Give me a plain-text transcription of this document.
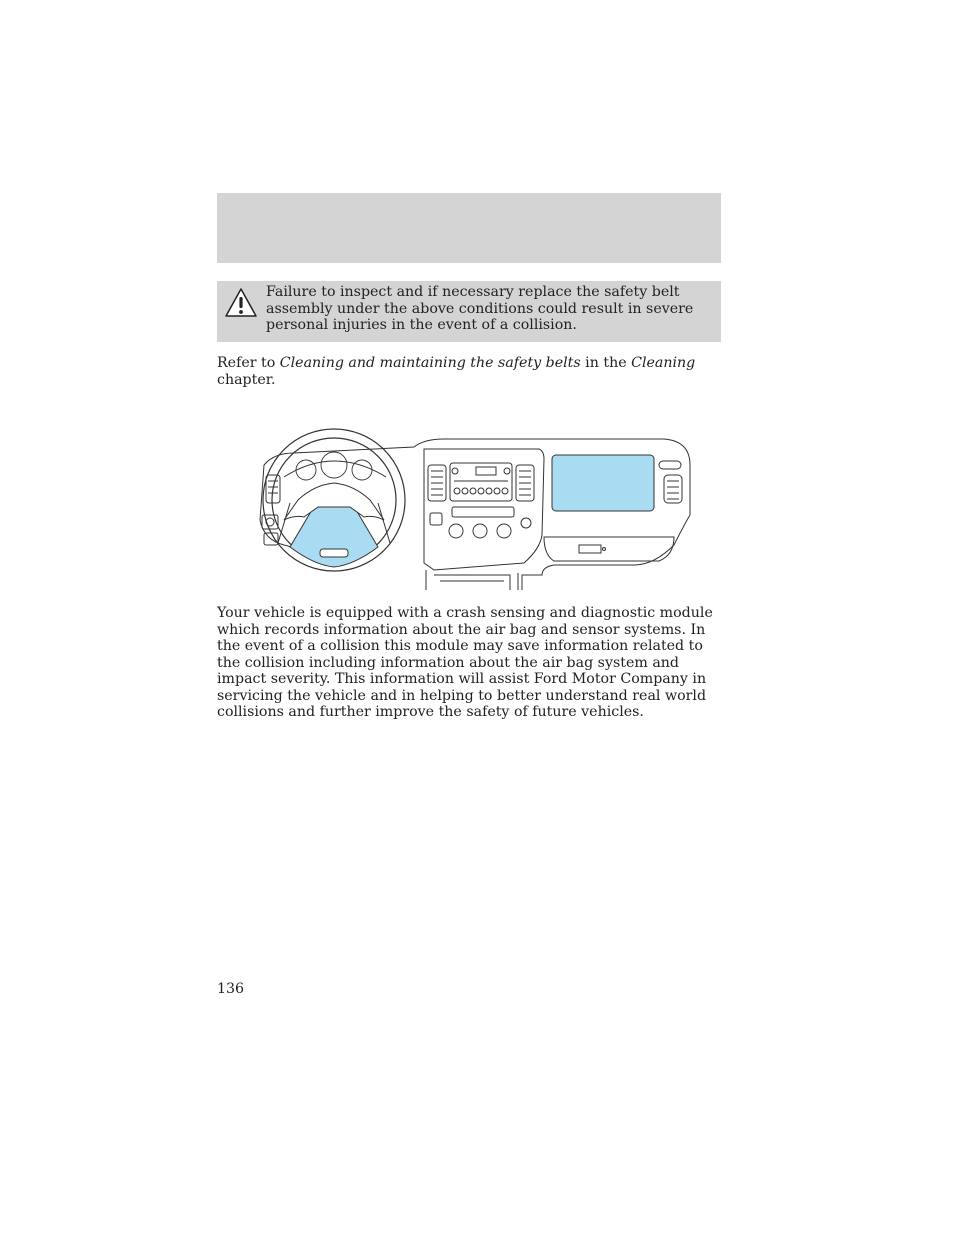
Failure to inspect and if necessary replace the safety belt assembly under the above conditions could result in severe personal injuries in the event of a collision.
Refer to Cleaning and maintaining the safety belts in the Cleaning chapter.
Your vehicle is equipped with a crash sensing and diagnostic module which records information about the air bag and sensor systems. In the event of a collision this module may save information related to the collision including information about the air bag system and impact severity. This information will assist Ford Motor Company in servicing the vehicle and in helping to better understand real world collisions and further improve the safety of future vehicles.
136
